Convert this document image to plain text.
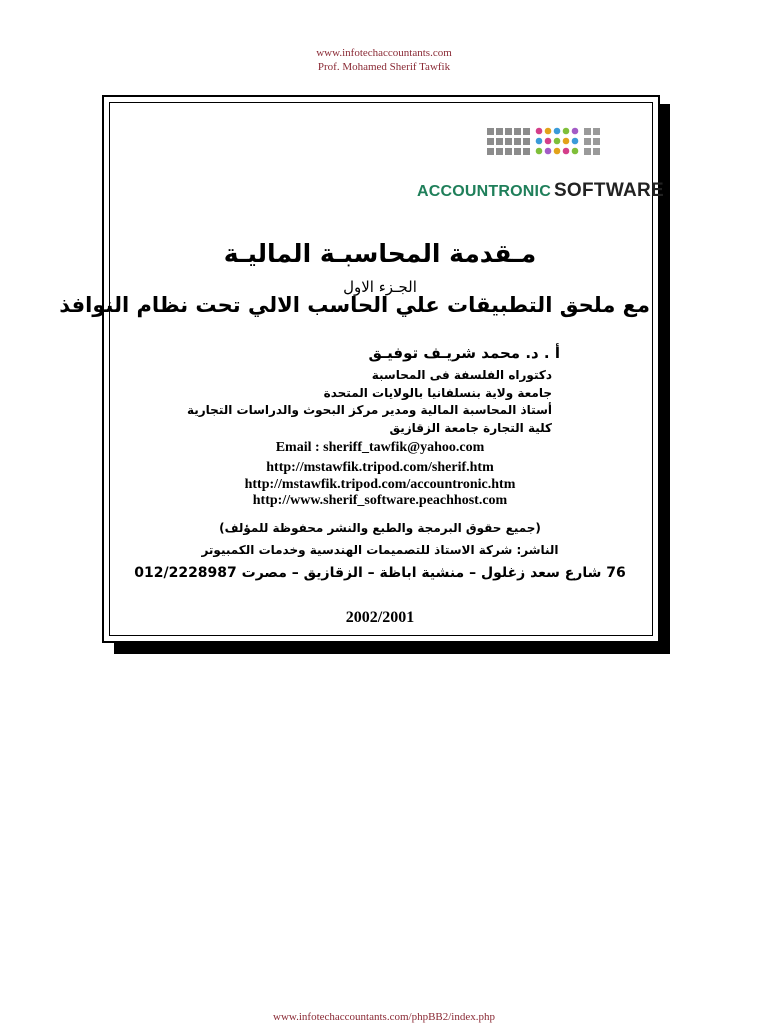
www.infotechaccountants.com
Prof. Mohamed Sherif Tawfik
ACCOUNTRONIC SOFTWARE
مـقدمة المحاسبـة الماليـة
الجـزء الاول
مع ملحق التطبيقات علي الحاسب الالي تحت نظام النوافذ
أ . د. محمد شريـف توفيـق
دكتوراه الفلسفة فى المحاسبة
جامعة ولاية بنسلفانيا بالولايات المتحدة
أستاذ المحاسبة المالية ومدير مركز البحوث والدراسات التجارية
كلية التجارة جامعة الزقازيق
Email : sheriff_tawfik@yahoo.com
http://mstawfik.tripod.com/sherif.htm
http://mstawfik.tripod.com/accountronic.htm
http://www.sherif_software.peachhost.com
(جميع حقوق البرمجة والطبع والنشر محفوظة للمؤلف)
الناشر: شركة الاستاذ للتصميمات الهندسية وخدمات الكمبيوتر
76 شارع سعد زغلول – منشية اباظة – الزقازيق – مصرت 012/2228987
2002/2001
www.infotechaccountants.com/phpBB2/index.php
